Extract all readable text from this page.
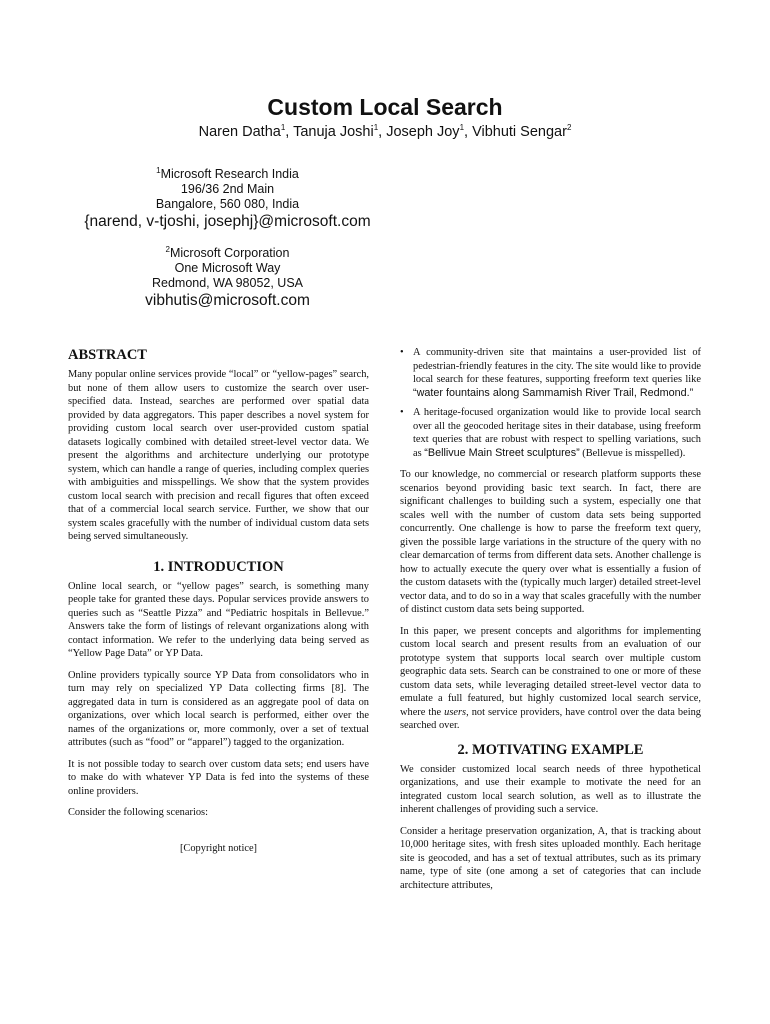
Custom Local Search
Naren Datha$^1$, Tanuja Joshi$^1$, Joseph Joy$^1$, Vibhuti Sengar$^2$
$^1$Microsoft Research India
196/36 2nd Main
Bangalore, 560 080, India
{narend, v-tjoshi, josephj}@microsoft.com
$^2$Microsoft Corporation
One Microsoft Way
Redmond, WA 98052, USA
vibhutis@microsoft.com
ABSTRACT

Many popular online services provide “local” or “yellow-pages” search, but none of them allow users to customize the search over user-specified data. Instead, searches are performed over spatial data provided by data aggregators. This paper describes a novel system for providing custom local search over user-provided custom spatial datasets logically combined with detailed street-level vector data. We present the algorithms and architecture underlying our prototype system, which can handle a range of queries, including complex queries with ambiguities and misspellings. We show that the system provides custom local search with precision and recall figures that often exceed that of a commercial local search service. Further, we show that our system scales gracefully with the number of individual custom data sets being served simultaneously.

1. INTRODUCTION

Online local search, or “yellow pages” search, is something many people take for granted these days. Popular services provide answers to queries such as “Seattle Pizza” and “Pediatric hospitals in Bellevue.” Answers take the form of listings of relevant organizations along with contact information. We refer to the underlying data being served as “Yellow Page Data” or YP Data.

Online providers typically source YP Data from consolidators who in turn may rely on specialized YP Data collecting firms [8]. The aggregated data in turn is considered as an aggregate pool of data on organizations, over which local search is performed, either over the names of the organizations or, more commonly, over a set of textual attributes (such as “food” or “apparel”) tagged to the organization.

It is not possible today to search over custom data sets; end users have to make do with whatever YP Data is fed into the systems of these online providers.

Consider the following scenarios:

[Copyright notice]
• A community-driven site that maintains a user-provided list of pedestrian-friendly features in the city. The site would like to provide local search for these features, supporting freeform text queries like “water fountains along Sammamish River Trail, Redmond.”
• A heritage-focused organization would like to provide local search over all the geocoded heritage sites in their database, using freeform text queries that are robust with respect to spelling variations, such as “Bellivue Main Street sculptures” (Bellevue is misspelled).

To our knowledge, no commercial or research platform supports these scenarios beyond providing basic text search. In fact, there are significant challenges to building such a system, especially one that scales well with the number of custom data sets being supported concurrently. One challenge is how to parse the freeform text query, given the possible large variations in the structure of the query with no clear demarcation of terms from different data sets. Another challenge is how to actually execute the query over what is essentially a fusion of the custom datasets with the (typically much larger) detailed street-level vector data, and to do so in a way that scales gracefully with the number of distinct custom data sets being supported.

In this paper, we present concepts and algorithms for implementing custom local search and present results from an evaluation of our prototype system that supports local search over multiple custom geographic data sets. Search can be constrained to one or more of these custom data sets, while leveraging detailed street-level vector data to emulate a full featured, but highly customized local search service, where the users, not service providers, have control over the data being searched over.

2. MOTIVATING EXAMPLE

We consider customized local search needs of three hypothetical organizations, and use their example to motivate the need for an integrated custom local search solution, as well as to illustrate the inherent challenges of providing such a service.

Consider a heritage preservation organization, A, that is tracking about 10,000 heritage sites, with fresh sites uploaded monthly. Each heritage site is geocoded, and has a set of textual attributes, such as its primary name, type of site (one among a set of categories that can include architecture attributes,
